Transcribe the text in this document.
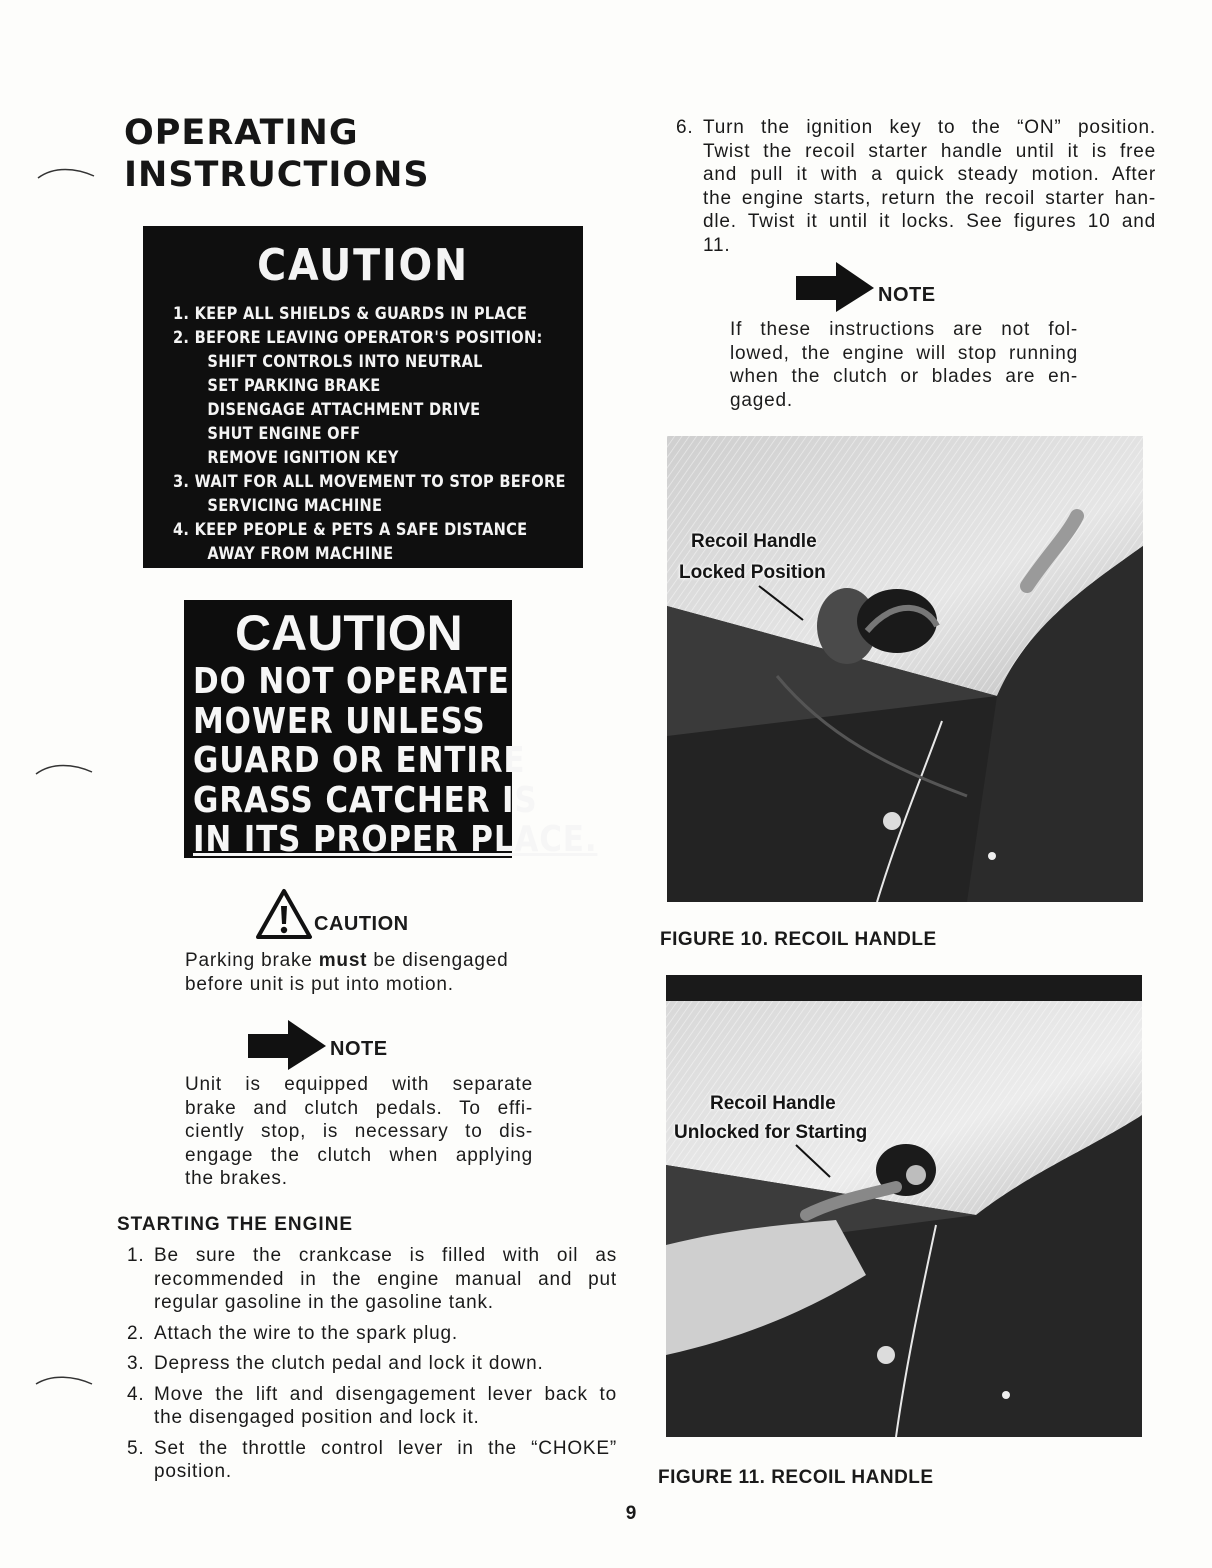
OPERATING
INSTRUCTIONS
CAUTION
1. KEEP ALL SHIELDS & GUARDS IN PLACE
2. BEFORE LEAVING OPERATOR'S POSITION:
SHIFT CONTROLS INTO NEUTRAL
SET PARKING BRAKE
DISENGAGE ATTACHMENT DRIVE
SHUT ENGINE OFF
REMOVE IGNITION KEY
3. WAIT FOR ALL MOVEMENT TO STOP BEFORE
SERVICING MACHINE
4. KEEP PEOPLE & PETS A SAFE DISTANCE
AWAY FROM MACHINE
CAUTION
DO NOT OPERATE
MOWER UNLESS
GUARD OR ENTIRE
GRASS CATCHER IS
IN ITS PROPER PLACE.
CAUTION
Parking brake must be disengaged
before unit is put into motion.
NOTE
Unit is equipped with separate
brake and clutch pedals. To effi-
ciently stop, is necessary to dis-
engage the clutch when applying
the brakes.
STARTING THE ENGINE
1. Be sure the crankcase is filled with oil as
recommended in the engine manual and put
regular gasoline in the gasoline tank.
2. Attach the wire to the spark plug.
3. Depress the clutch pedal and lock it down.
4. Move the lift and disengagement lever back to
the disengaged position and lock it.
5. Set the throttle control lever in the “CHOKE”
position.
6. Turn the ignition key to the “ON” position.
Twist the recoil starter handle until it is free
and pull it with a quick steady motion. After
the engine starts, return the recoil starter han-
dle. Twist it until it locks. See figures 10 and
11.
NOTE
If these instructions are not fol-
lowed, the engine will stop running
when the clutch or blades are en-
gaged.
Recoil Handle
Locked Position
FIGURE 10. RECOIL HANDLE
Recoil Handle
Unlocked for Starting
FIGURE 11. RECOIL HANDLE
9
